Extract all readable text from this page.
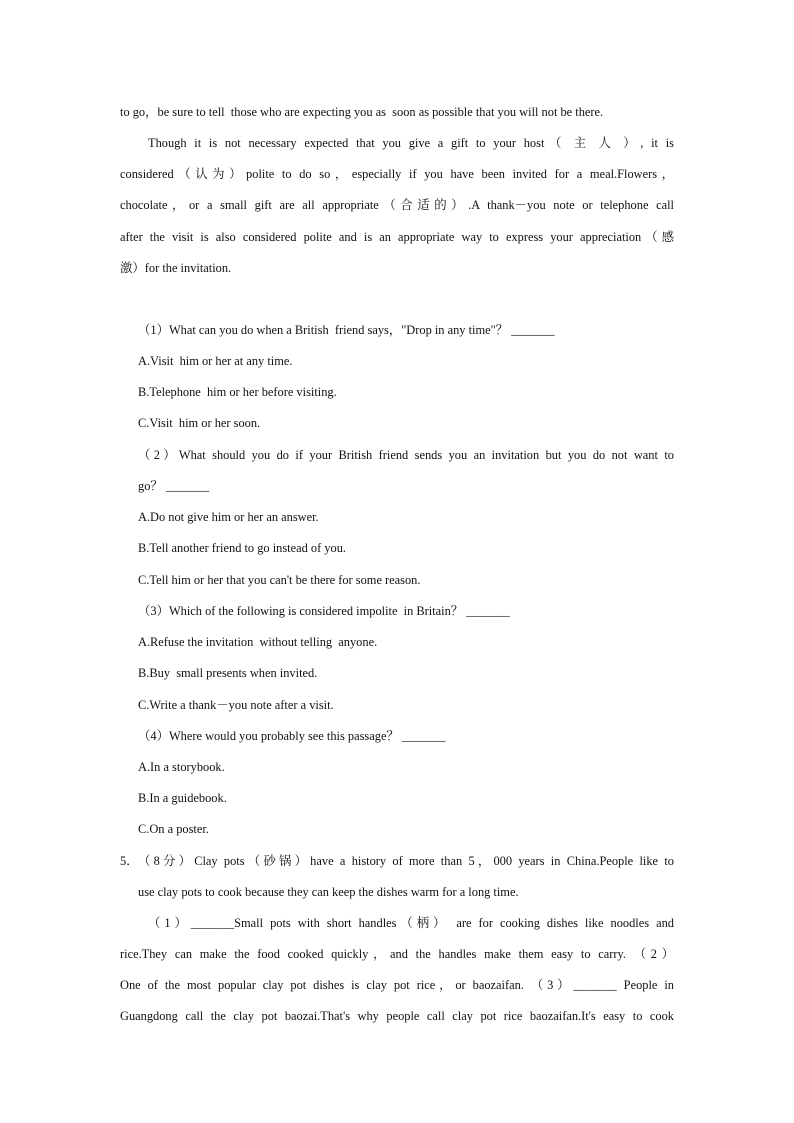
to go，be sure to tell  those who are expecting you as  soon as possible that you will not be there.
Though it is not necessary expected that you give a gift to your host（ 主 人 ）, it is
considered（认为）polite to do so，especially if you have been invited for a meal.Flowers，
chocolate，or a small gift are all appropriate（合适的）.A thank－you note or telephone call
after the visit is also considered polite and is an appropriate way to express your appreciation（感
激）for the invitation.
（1）What can you do when a British  friend says，"Drop in any time"？ _______
A.Visit  him or her at any time.
B.Telephone  him or her before visiting.
C.Visit  him or her soon.
（2）What should you do if your British friend sends you an invitation but you do not want to
go？ _______
A.Do not give him or her an answer.
B.Tell another friend to go instead of you.
C.Tell him or her that you can't be there for some reason.
（3）Which of the following is considered impolite  in Britain？ _______
A.Refuse the invitation  without telling  anyone.
B.Buy  small presents when invited.
C.Write a thank－you note after a visit.
（4）Where would you probably see this passage？ _______
A.In a storybook.
B.In a guidebook.
C.On a poster.
5． （8分）Clay pots（砂锅）have a history of more than 5，000 years in China.People like to
use clay pots to cook because they can keep the dishes warm for a long time.
（1）_______Small pots with short handles（柄） are for cooking dishes like noodles and
rice.They can make the food cooked quickly，and the handles make them easy to carry. （2）
One of the most popular clay pot dishes is clay pot rice，or baozaifan. （3）_______ People in
Guangdong call the clay pot baozai.That's why people call clay pot rice baozaifan.It's easy to cook
